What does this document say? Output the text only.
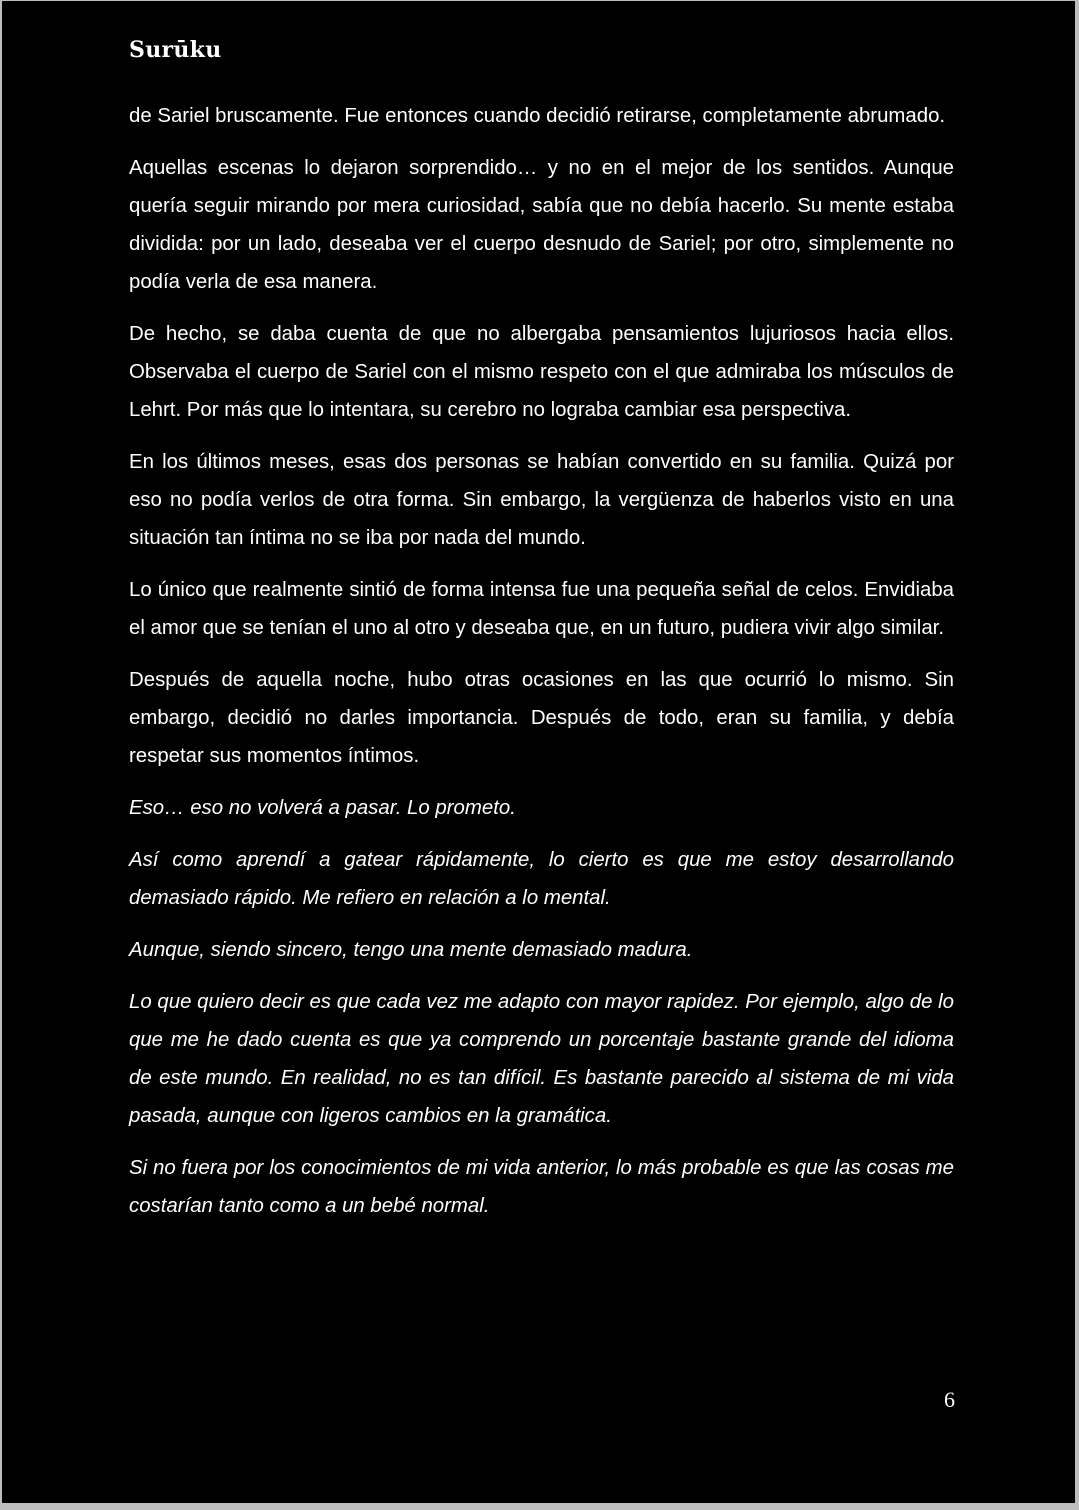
Surūku

de Sariel bruscamente. Fue entonces cuando decidió retirarse, completamente abrumado.

Aquellas escenas lo dejaron sorprendido… y no en el mejor de los sentidos. Aunque quería seguir mirando por mera curiosidad, sabía que no debía hacerlo. Su mente estaba dividida: por un lado, deseaba ver el cuerpo desnudo de Sariel; por otro, simplemente no podía verla de esa manera.

De hecho, se daba cuenta de que no albergaba pensamientos lujuriosos hacia ellos. Observaba el cuerpo de Sariel con el mismo respeto con el que admiraba los músculos de Lehrt. Por más que lo intentara, su cerebro no lograba cambiar esa perspectiva.

En los últimos meses, esas dos personas se habían convertido en su familia. Quizá por eso no podía verlos de otra forma. Sin embargo, la vergüenza de haberlos visto en una situación tan íntima no se iba por nada del mundo.

Lo único que realmente sintió de forma intensa fue una pequeña señal de celos. Envidiaba el amor que se tenían el uno al otro y deseaba que, en un futuro, pudiera vivir algo similar.

Después de aquella noche, hubo otras ocasiones en las que ocurrió lo mismo. Sin embargo, decidió no darles importancia. Después de todo, eran su familia, y debía respetar sus momentos íntimos.

Eso… eso no volverá a pasar. Lo prometo.

Así como aprendí a gatear rápidamente, lo cierto es que me estoy desarrollando demasiado rápido. Me refiero en relación a lo mental.

Aunque, siendo sincero, tengo una mente demasiado madura.

Lo que quiero decir es que cada vez me adapto con mayor rapidez. Por ejemplo, algo de lo que me he dado cuenta es que ya comprendo un porcentaje bastante grande del idioma de este mundo. En realidad, no es tan difícil. Es bastante parecido al sistema de mi vida pasada, aunque con ligeros cambios en la gramática.

Si no fuera por los conocimientos de mi vida anterior, lo más probable es que las cosas me costarían tanto como a un bebé normal.

6
